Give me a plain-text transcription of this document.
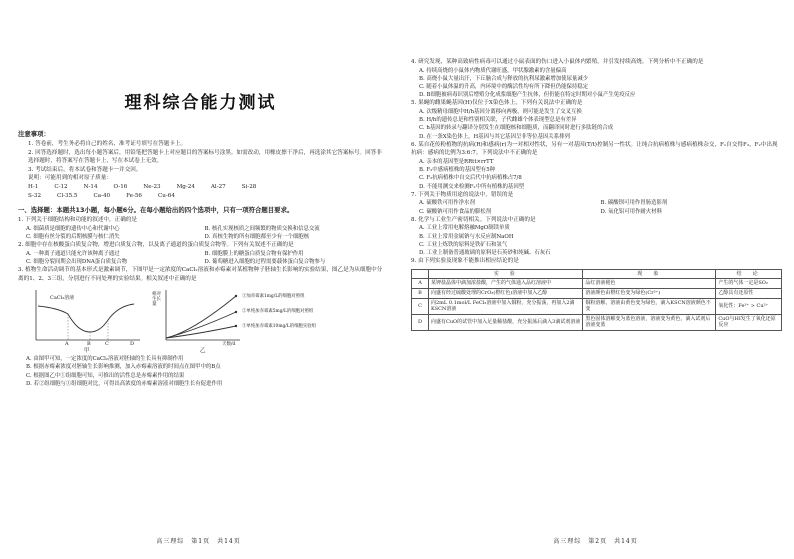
理科综合能力测试
注意事项：

1. 答卷前，考生务必将自己的姓名、准考证号填写在答题卡上。

2. 回答选择题时，选出每小题答案后，用铅笔把答题卡上对应题目的答案标号涂黑。如需改动，用橡皮擦干净后，再选涂其它答案标号。回答非选择题时，将答案写在答题卡上，写在本试卷上无效。

3. 考试结束后，将本试卷和答题卡一并交回。

说明：可能用到的相对原子质量：

H-1	C-12	N-14	O-16	Ne-23	Mg-24	Al-27	Si-28
S-32	Cl-35.5	Ca-40	Fe-56	Cu-64
一、选择题：本题共13小题，每小题6分。在每小题给出的四个选项中，只有一项符合题目要求。

1. 下列关于细胞结构和功能的叙述中，正确的是

A. 细菌质是细胞的遗传中心和代谢中心	B. 核孔实现核质之间频繁的物质交换和信息交流
C. 细胞有丝分裂的后期核膜与核仁消失	D. 真核生物的所有细胞都至少有一个细胞核

2. 细胞中存在核酸蛋白质复合物，增进白质复合物，以及离子通道的蛋白质复合物等。下列有关叙述不正确的是

A. 一种离子通道只能允许该种离子通过	B. 细胞膜上的糖蛋白质复合物有保护作用
C. 细胞分裂间期会出现DNA蛋白质复合物	D. 葡萄糖进入细胞的过程需要载体蛋白复合物参与

3. 植物生命活动调节的基本形式是激素调节，下图甲是一定浓度的CaCl₂溶液和赤霉素对某植物种子胚轴生长影响的实验结果，图乙是为从细胞中分离的1、2、3三组，分别进行不同处理的实验结果。相关叙述中正确的是

CaCl₂溶液
A	B	C	D
甲
相对生长量
天数/d
①加赤霉素1mg/L的细胞对照组
②单纯加赤霉素5mg/L的细胞对照组
③单纯加赤霉素10mg/L的细胞实验组
乙
A. 由图甲可知，一定浓度的CaCl₂溶液对胚轴的生长具有抑制作用
B. 根据赤霉素浓度对胚轴生长影响推测，加入赤霉素溶液的时间点在图甲中的B点
C. 根据图乙中①组细胞可知，可推出的活性总是赤霉素作用的结果
D. 若②组细胞与①组细胞对比，可得出高浓度的赤霉素溶液对细胞生长有促进作用
高三理综　第1页　共14页

4. 研究发现，某种高致病性病毒可以通过小鼠表面的伤口进入小鼠体内繁殖，并引发持续高烧。下列分析中不正确的是

A. 持续高烧的小鼠体内物质代谢旺盛，甲状腺激素的含量偏高
B. 高烧小鼠大量出汗，下丘脑合成与释放的抗利尿激素增加使尿量减少
C. 随着小鼠体温的升高，内环境中的酶活性均有所下降但仍能保持稳定
D. B细胞被病毒识别后增殖分化成浆细胞产生抗体，但仍能在特定时期对小鼠产生免疫反应

5. 果蝇的雌果蝇基因(H)仅位于X染色体上，下列有关说法中正确的是

A. 次级精母细胞中H/h基因分离移向两极，则可能是发生了交叉互换
B. H/h的遗传总是和性别相关联，子代雌雄个体表现型总是有差异
C. h基因的转录与翻译分别发生在细胞核和细胞质，而翻译同时进行多肽链的合成
D. 在一条X染色体上，H基因与其它基因呈非等位基因关系排列

6. 某自花传粉植物的抗病(R)和感病(r)为一对相对性状，另有一对基因(T/t)控制另一性状。让纯合抗病植株与感病植株杂交，F₁自交得F₂，F₂中出现抗病：感病的比例为3:6:7。下列说法中不正确的是

A. 亲本的基因型是RRtt×rrTT
B. F₂中感病植株的基因型有5种
C. F₂抗病植株中自交后代中抗病植株占7/8
D. 不能用测交来检测F₂中所有植株的基因型

7. 下列关于物质用途的说法中，错误的是

A. 硫酸铁可用作净水剂	B. 碳酸钡可用作胃肠造影剂
C. 碳酸钠可用作食品的膨松剂	D. 氧化铝可用作耐火材料

8. 化学与工业生产密切相关。下列说法中正确的是

A. 工业上常用电解熔融MgO制镁单质
B. 工业上常用金属钠与水反应制NaOH
C. 工业上炼铁的原料是铁矿石和氢气
D. 工业上制备普通玻璃的原料是石英砂和纯碱、石灰石

9. 由下列实验及现象不能推出相应结论的是

	实　验	现　象	结　论
A	某钾盐晶体中滴加浓盐酸，产生的气体通入品红溶液中	品红溶液褪色	产生的气体一定是SO₂
B	向盛有经过硫酸处理的CrO₃(橙红色)溶液中加入乙醇	溶液颜色由橙红色变为绿色(Cr³⁺)	乙醇具有还原性
C	向2mL 0.1mol/L FeCl₃溶液中加入铜粉，充分振荡，再加入2滴KSCN溶液	铜粉溶解，溶液由黄色变为绿色，滴入KSCN溶液颜色不变	氧化性：Fe³⁺ > Cu²⁺
D	向盛有CuO的试管中加入足量稀盐酸，充分振荡后滴入3滴试剂溶液	黑色固体溶解变为蓝色溶液，溶液变为黄色，滴入试剂后溶液变蓝	CuO与HI发生了氧化还原反应
高三理综　第2页　共14页
